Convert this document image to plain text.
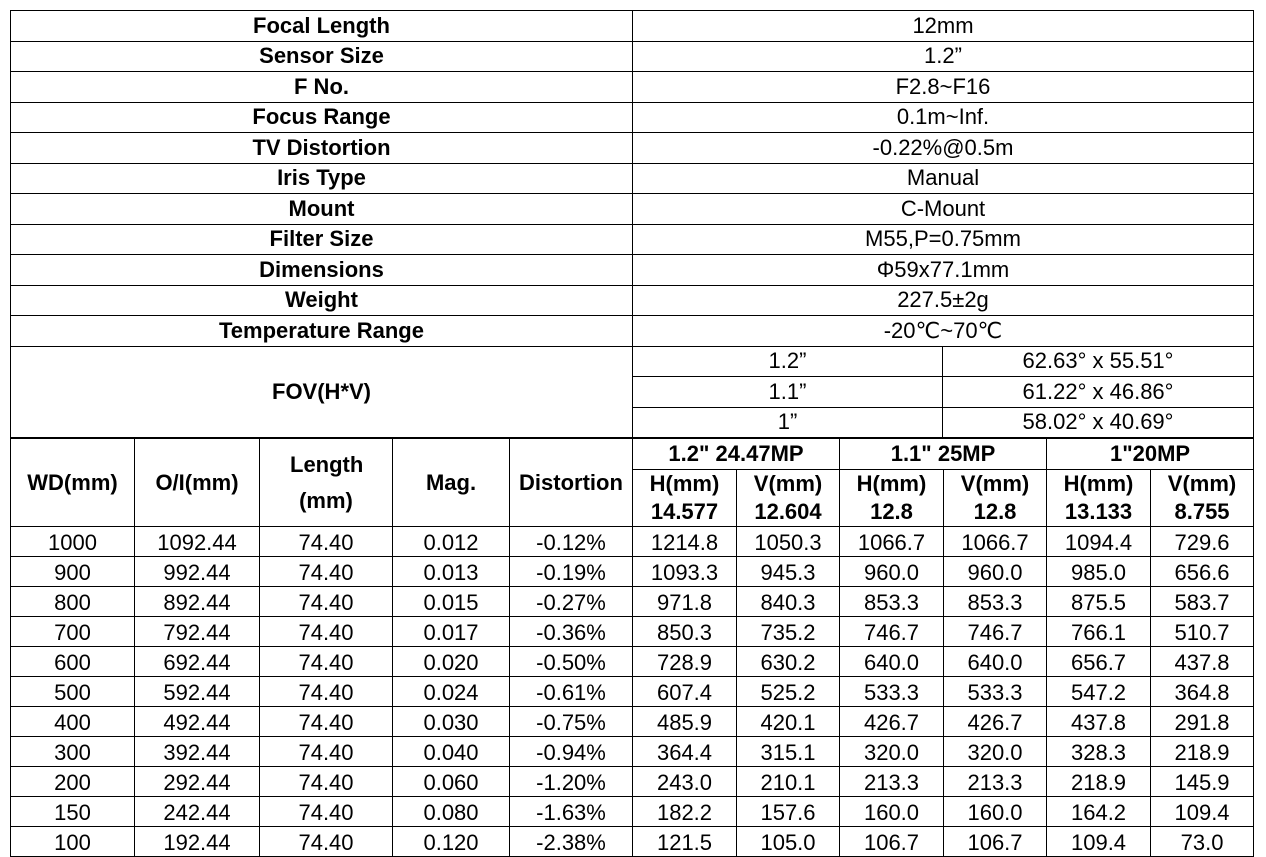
Focal Length	12mm	
Sensor Size	1.2”	
F No.	F2.8~F16	
Focus Range	0.1m~Inf.	
TV Distortion	-0.22%@0.5m	
Iris Type	Manual	
Mount	C-Mount	
Filter Size	M55,P=0.75mm	
Dimensions	Φ59x77.1mm	
Weight	227.5±2g	
Temperature Range	-20℃~70℃	
FOV(H*V)	1.2”	62.63° x 55.51°
	1.1”	61.22° x 46.86°
	1”	58.02° x 40.69°
WD(mm)	O/I(mm)	Length (mm)	Mag.	Distortion	1.2" 24.47MP		1.1" 25MP		1"20MP	
					H(mm)	V(mm)	H(mm)	V(mm)	H(mm)	V(mm)
					14.577	12.604	12.8	12.8	13.133	8.755
1000	1092.44	74.40	0.012	-0.12%	1214.8	1050.3	1066.7	1066.7	1094.4	729.6
900	992.44	74.40	0.013	-0.19%	1093.3	945.3	960.0	960.0	985.0	656.6
800	892.44	74.40	0.015	-0.27%	971.8	840.3	853.3	853.3	875.5	583.7
700	792.44	74.40	0.017	-0.36%	850.3	735.2	746.7	746.7	766.1	510.7
600	692.44	74.40	0.020	-0.50%	728.9	630.2	640.0	640.0	656.7	437.8
500	592.44	74.40	0.024	-0.61%	607.4	525.2	533.3	533.3	547.2	364.8
400	492.44	74.40	0.030	-0.75%	485.9	420.1	426.7	426.7	437.8	291.8
300	392.44	74.40	0.040	-0.94%	364.4	315.1	320.0	320.0	328.3	218.9
200	292.44	74.40	0.060	-1.20%	243.0	210.1	213.3	213.3	218.9	145.9
150	242.44	74.40	0.080	-1.63%	182.2	157.6	160.0	160.0	164.2	109.4
100	192.44	74.40	0.120	-2.38%	121.5	105.0	106.7	106.7	109.4	73.0
